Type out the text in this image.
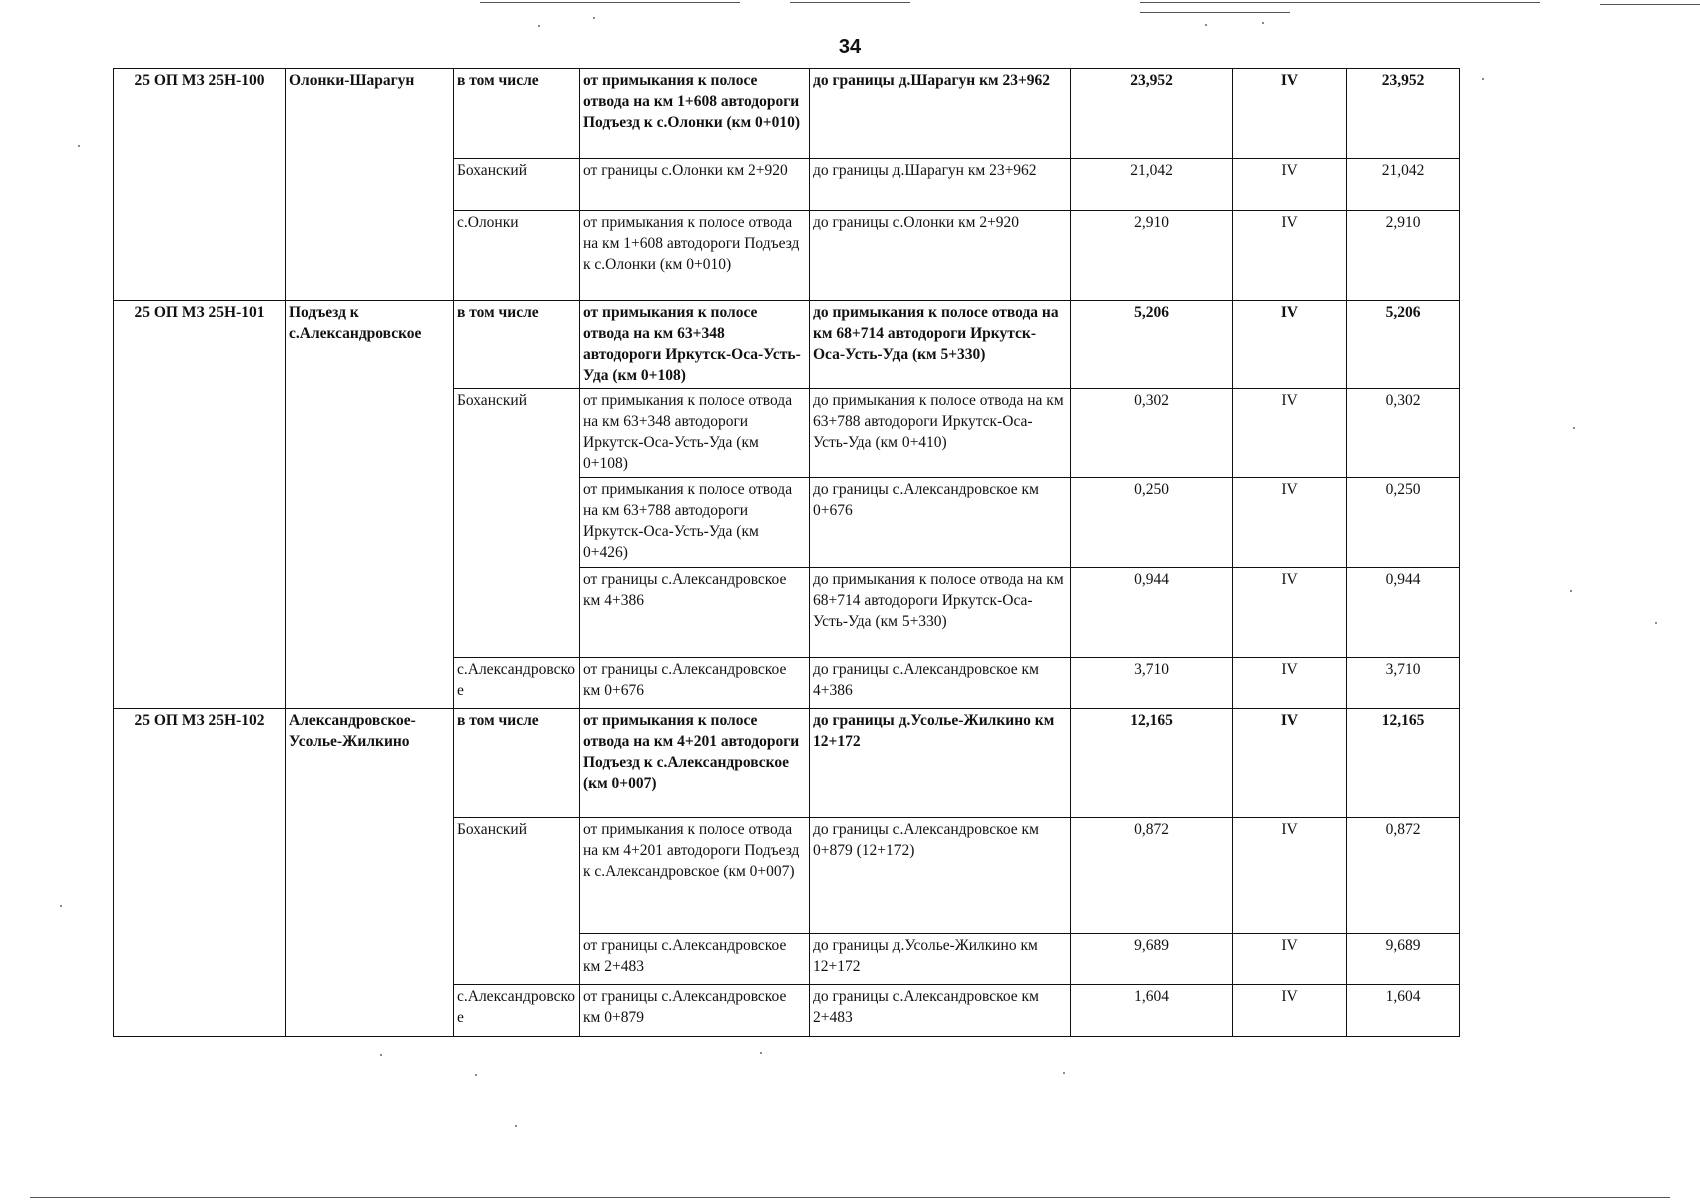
34
25 ОП МЗ 25Н-100	Олонки-Шарагун	в том числе	от примыкания к полосе отвода на км 1+608 автодороги Подъезд к с.Олонки (км 0+010)	до границы д.Шарагун км 23+962	23,952	IV	23,952
		Боханский	от границы с.Олонки км 2+920	до границы д.Шарагун км 23+962	21,042	IV	21,042
		с.Олонки	от примыкания к полосе отвода на км 1+608 автодороги Подъезд к с.Олонки (км 0+010)	до границы с.Олонки км 2+920	2,910	IV	2,910
25 ОП МЗ 25Н-101	Подъезд к с.Александровское	в том числе	от примыкания к полосе отвода на км 63+348 автодороги Иркутск-Оса-Усть-Уда (км 0+108)	до примыкания к полосе отвода на км 68+714 автодороги Иркутск-Оса-Усть-Уда (км 5+330)	5,206	IV	5,206
		Боханский	от примыкания к полосе отвода на км 63+348 автодороги Иркутск-Оса-Усть-Уда (км 0+108)	до примыкания к полосе отвода на км 63+788 автодороги Иркутск-Оса-Усть-Уда (км 0+410)	0,302	IV	0,302
			от примыкания к полосе отвода на км 63+788 автодороги Иркутск-Оса-Усть-Уда (км 0+426)	до границы с.Александровское км 0+676	0,250	IV	0,250
			от границы с.Александровское км 4+386	до примыкания к полосе отвода на км 68+714 автодороги Иркутск-Оса-Усть-Уда (км 5+330)	0,944	IV	0,944
		с.Александровское	от границы с.Александровское км 0+676	до границы с.Александровское км 4+386	3,710	IV	3,710
25 ОП МЗ 25Н-102	Александровское-Усолье-Жилкино	в том числе	от примыкания к полосе отвода на км 4+201 автодороги Подъезд к с.Александровское (км 0+007)	до границы д.Усолье-Жилкино км 12+172	12,165	IV	12,165
		Боханский	от примыкания к полосе отвода на км 4+201 автодороги Подъезд к с.Александровское (км 0+007)	до границы с.Александровское км 0+879 (12+172)	0,872	IV	0,872
			от границы с.Александровское км 2+483	до границы д.Усолье-Жилкино км 12+172	9,689	IV	9,689
		с.Александровское	от границы с.Александровское км 0+879	до границы с.Александровское км 2+483	1,604	IV	1,604
